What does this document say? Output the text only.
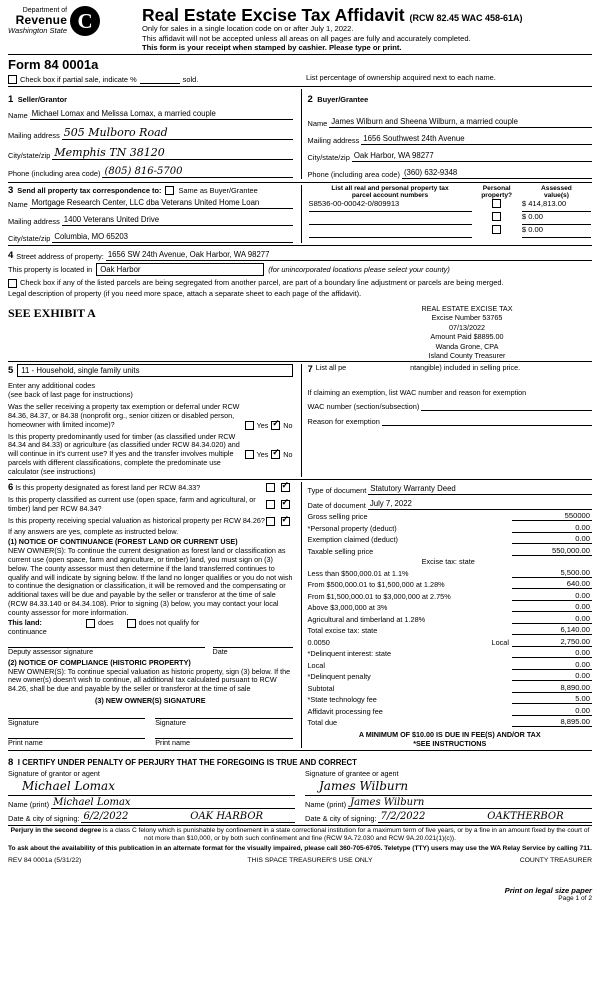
Department of
Revenue
Washington State C	Real Estate Excise Tax Affidavit (RCW 82.45 WAC 458-61A)
Only for sales in a single location code on or after July 1, 2022.
This affidavit will not be accepted unless all areas on all pages are fully and accurately completed.
This form is your receipt when stamped by cashier. Please type or print.
Form 84 0001a
Check box if partial sale, indicate %
	sold.	List percentage of ownership acquired next to each name.
1 Seller/Grantor
Name Michael Lomax and Melissa Lomax, a married couple
Mailing address 505 Mulboro Road
City/state/zip Memphis TN 38120
Phone (including area code) (805) 816-5700
2 Buyer/Grantee
Name James Wilburn and Sheena Wilburn, a married couple
Mailing address 1656 Southwest 24th Avenue
City/state/zip Oak Harbor, WA 98277
Phone (including area code) (360) 632-9348
3 Send all property tax correspondence to: Same as Buyer/Grantee
Name Mortgage Research Center, LLC dba Veterans United Home Loan
Mailing address 1400 Veterans United Drive
City/state/zip Columbia, MO 65203
List all real and personal property tax
parcel account numbers

Personal
property?

Assessed
value(s)

S8536-00-00042-0/809913		$ 414,813.00

		$ 0.00

		$ 0.00
4 Street address of property: 1656 SW 24th Avenue, Oak Harbor, WA 98277
This property is located in	Oak Harbor	(for unincorporated locations please select your county)
Check box if any of the listed parcels are being segregated from another parcel, are part of a boundary line adjustment or parcels are being merged.
Legal description of property (if you need more space, attach a separate sheet to each page of the affidavit).
SEE EXHIBIT A	REAL ESTATE EXCISE TAX
Excise Number 53765
07/13/2022
Amount Paid $8895.00
Wanda Grone, CPA
Island County Treasurer
5	11 - Household, single family units
Enter any additional codes
(see back of last page for instructions)
Was the seller receiving a property tax exemption or deferral under RCW 84.36, 84.37, or 84.38 (nonprofit org., senior citizen or disabled person, homeowner with limited income)?	Yes ✓ No
Is this property predominantly used for timber (as classified under RCW 84.34 and 84.33) or agriculture (as classified under RCW 84.34.020) and will continue in it's current use? If yes and the transfer involves multiple parcels with different classifications, complete the predominate use calculator (see instructions)
Yes ✓ No
7 List all pe	ntangible) included in selling price.
If claiming an exemption, list WAC number and reason for exemption
WAC number (section/subsection)
Reason for exemption
6 Is this property designated as forest land per RCW 84.33?
✓
Is this property classified as current use (open space, farm and agricultural, or timber) land per RCW 84.34?
✓
Is this property receiving special valuation as historical property per RCW 84.26?
✓
If any answers are yes, complete as instructed below.
(1) NOTICE OF CONTINUANCE (FOREST LAND OR CURRENT USE)
NEW OWNER(S): To continue the current designation as forest land or classification as current use (open space, farm and agriculture, or timber) land, you must sign on (3) below. The county assessor must then determine if the land transferred continues to qualify and will indicate by signing below. If the land no longer qualifies or you do not wish to continue the designation or classification, it will be removed and the compensating or additional taxes will be due and payable by the seller or transferor at the time of sale (RCW 84.33.140 or 84.34.108). Prior to signing (3) below, you may contact your local county assessor for more information.
This land:
continuance
does	does not qualify for
Deputy assessor signature	Date
(2) NOTICE OF COMPLIANCE (HISTORIC PROPERTY)
NEW OWNER(S): To continue special valuation as historic property, sign (3) below. If the new owner(s) doesn't wish to continue, all additional tax calculated pursuant to RCW 84.26, shall be due and payable by the seller or transferor at the time of sale
(3) NEW OWNER(S) SIGNATURE
Signature	Signature
Print name	Print name
Type of document Statutory Warranty Deed
Date of document July 7, 2022
Gross selling price	550000
*Personal property (deduct)	0.00
Exemption claimed (deduct)	0.00
Taxable selling price	550,000.00
Excise tax: state
Less than $500,000.01 at 1.1%	5,500.00
From $500,000.01 to $1,500,000 at 1.28%	640.00
From $1,500,000.01 to $3,000,000 at 2.75%	0.00
Above $3,000,000 at 3%	0.00
Agricultural and timberland at 1.28%	0.00
Total excise tax: state	6,140.00
0.0050	Local	2,750.00
*Delinquent interest: state	0.00
Local	0.00
*Delinquent penalty	0.00
Subtotal	8,890.00
*State technology fee	5.00
Affidavit processing fee	0.00
Total due	8,895.00
A MINIMUM OF $10.00 IS DUE IN FEE(S) AND/OR TAX
*SEE INSTRUCTIONS
8 I CERTIFY UNDER PENALTY OF PERJURY THAT THE FOREGOING IS TRUE AND CORRECT
Signature of grantor or agent
Michael Lomax
Name (print) Michael Lomax
Date & city of signing: 6/2/2022	OAK HARBOR
Signature of grantee or agent
James Wilburn
Name (print) James Wilburn
Date & city of signing: 7/2/2022	OAKTHERBOR
Perjury in the second degree is a class C felony which is punishable by confinement in a state correctional institution for a maximum term of five years, or by a fine in an amount fixed by the court of not more than $10,000, or by both such confinement and fine (RCW 9A.72.030 and RCW 9A.20.021(1)(c)).
To ask about the availability of this publication in an alternate format for the visually impaired, please call 360-705-6705. Teletype (TTY) users may use the WA Relay Service by calling 711.
REV 84 0001a (5/31/22)	THIS SPACE TREASURER'S USE ONLY	COUNTY TREASURER
Print on legal size paper
Page 1 of 2
